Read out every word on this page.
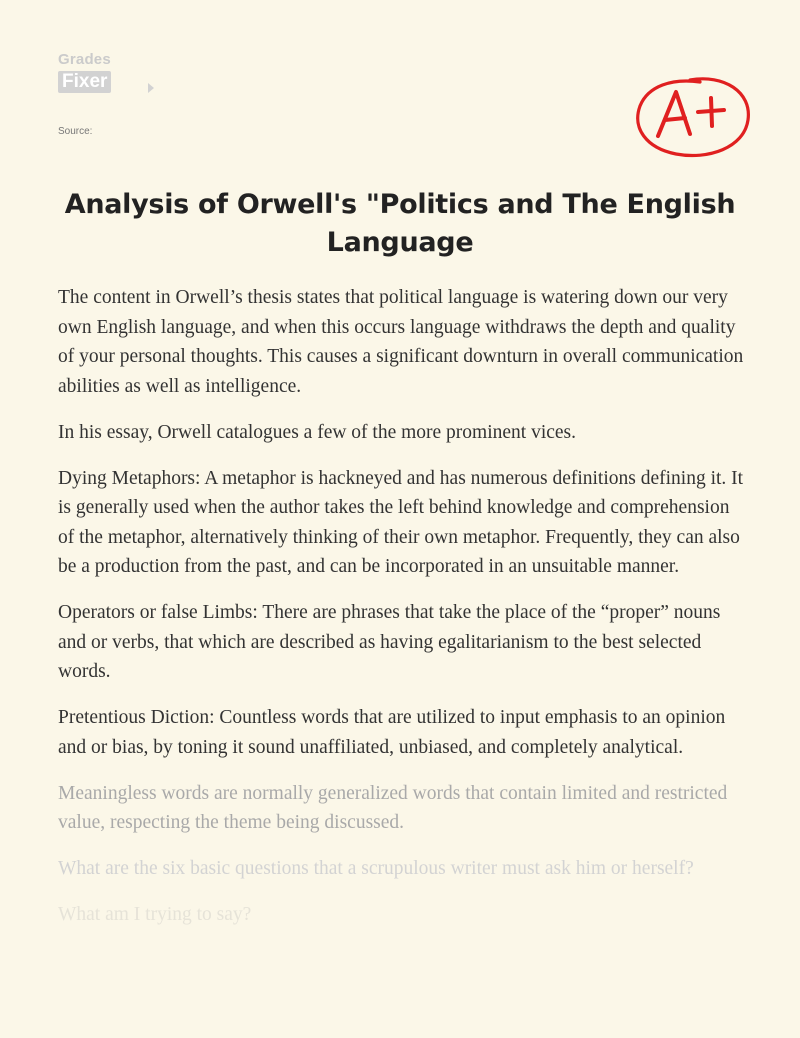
Grades
Fixer
Source:
Analysis of Orwell's "Politics and The English Language

The content in Orwell’s thesis states that political language is watering down our very own English language, and when this occurs language withdraws the depth and quality of your personal thoughts. This causes a significant downturn in overall communication abilities as well as intelligence.

In his essay, Orwell catalogues a few of the more prominent vices.

Dying Metaphors: A metaphor is hackneyed and has numerous definitions defining it. It is generally used when the author takes the left behind knowledge and comprehension of the metaphor, alternatively thinking of their own metaphor. Frequently, they can also be a production from the past, and can be incorporated in an unsuitable manner.

Operators or false Limbs: There are phrases that take the place of the “proper” nouns and or verbs, that which are described as having egalitarianism to the best selected words.

Pretentious Diction: Countless words that are utilized to input emphasis to an opinion and or bias, by toning it sound unaffiliated, unbiased, and completely analytical.

Meaningless words are normally generalized words that contain limited and restricted value, respecting the theme being discussed.

What are the six basic questions that a scrupulous writer must ask him or herself?

What am I trying to say?
